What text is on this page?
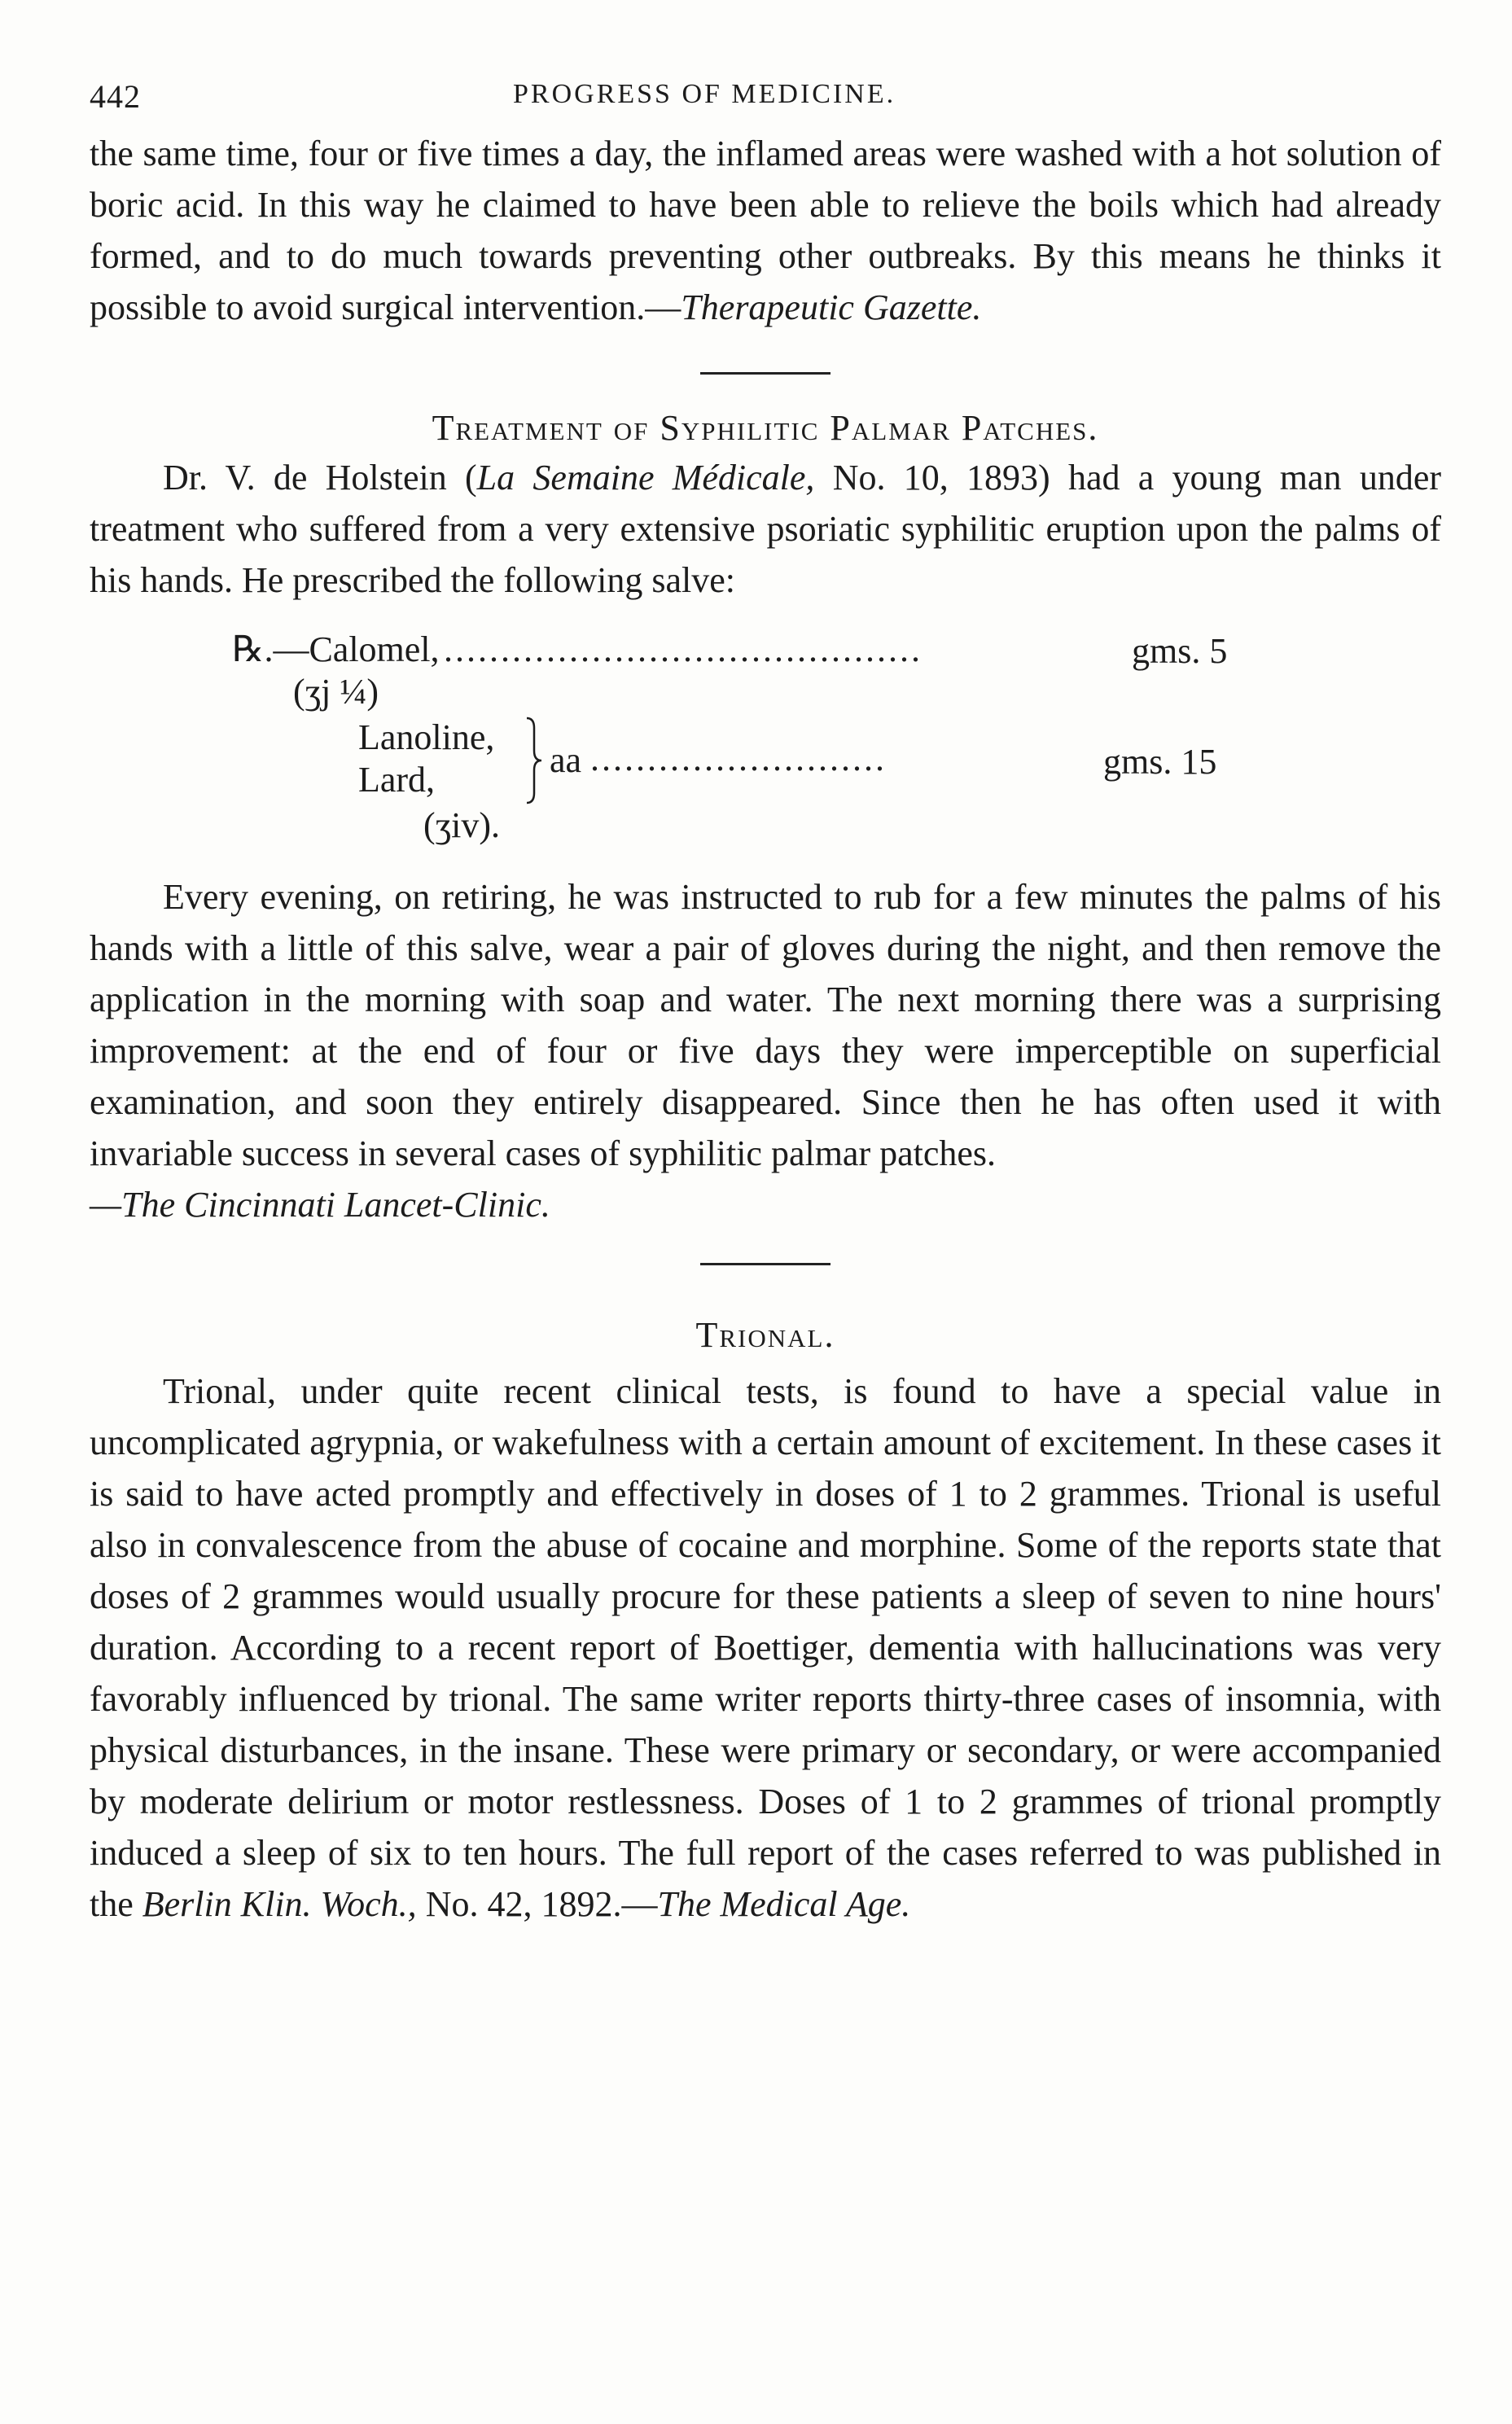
442	PROGRESS OF MEDICINE.

the same time, four or five times a day, the inflamed areas were washed with a hot solution of boric acid. In this way he claimed to have been able to relieve the boils which had already formed, and to do much towards preventing other outbreaks. By this means he thinks it possible to avoid surgical intervention.—Therapeutic Gazette.

Treatment of Syphilitic Palmar Patches.

Dr. V. de Holstein (La Semaine Médicale, No. 10, 1893) had a young man under treatment who suffered from a very extensive psoriatic syphilitic eruption upon the palms of his hands. He prescribed the following salve:

℞.—Calomel, ..........................................	gms. 5
(ʒj ¼)
Lanoline,
Lard,	aa ..........................	gms. 15
(ʒiv).

Every evening, on retiring, he was instructed to rub for a few minutes the palms of his hands with a little of this salve, wear a pair of gloves during the night, and then remove the application in the morning with soap and water. The next morning there was a surprising improvement: at the end of four or five days they were imperceptible on superficial examination, and soon they entirely disappeared. Since then he has often used it with invariable success in several cases of syphilitic palmar patches.
—The Cincinnati Lancet-Clinic.

Trional.

Trional, under quite recent clinical tests, is found to have a special value in uncomplicated agrypnia, or wakefulness with a certain amount of excitement. In these cases it is said to have acted promptly and effectively in doses of 1 to 2 grammes. Trional is useful also in convalescence from the abuse of cocaine and morphine. Some of the reports state that doses of 2 grammes would usually procure for these patients a sleep of seven to nine hours' duration. According to a recent report of Boettiger, dementia with hallucinations was very favorably influenced by trional. The same writer reports thirty-three cases of insomnia, with physical disturbances, in the insane. These were primary or secondary, or were accompanied by moderate delirium or motor restlessness. Doses of 1 to 2 grammes of trional promptly induced a sleep of six to ten hours. The full report of the cases referred to was published in the Berlin Klin. Woch., No. 42, 1892.—The Medical Age.
